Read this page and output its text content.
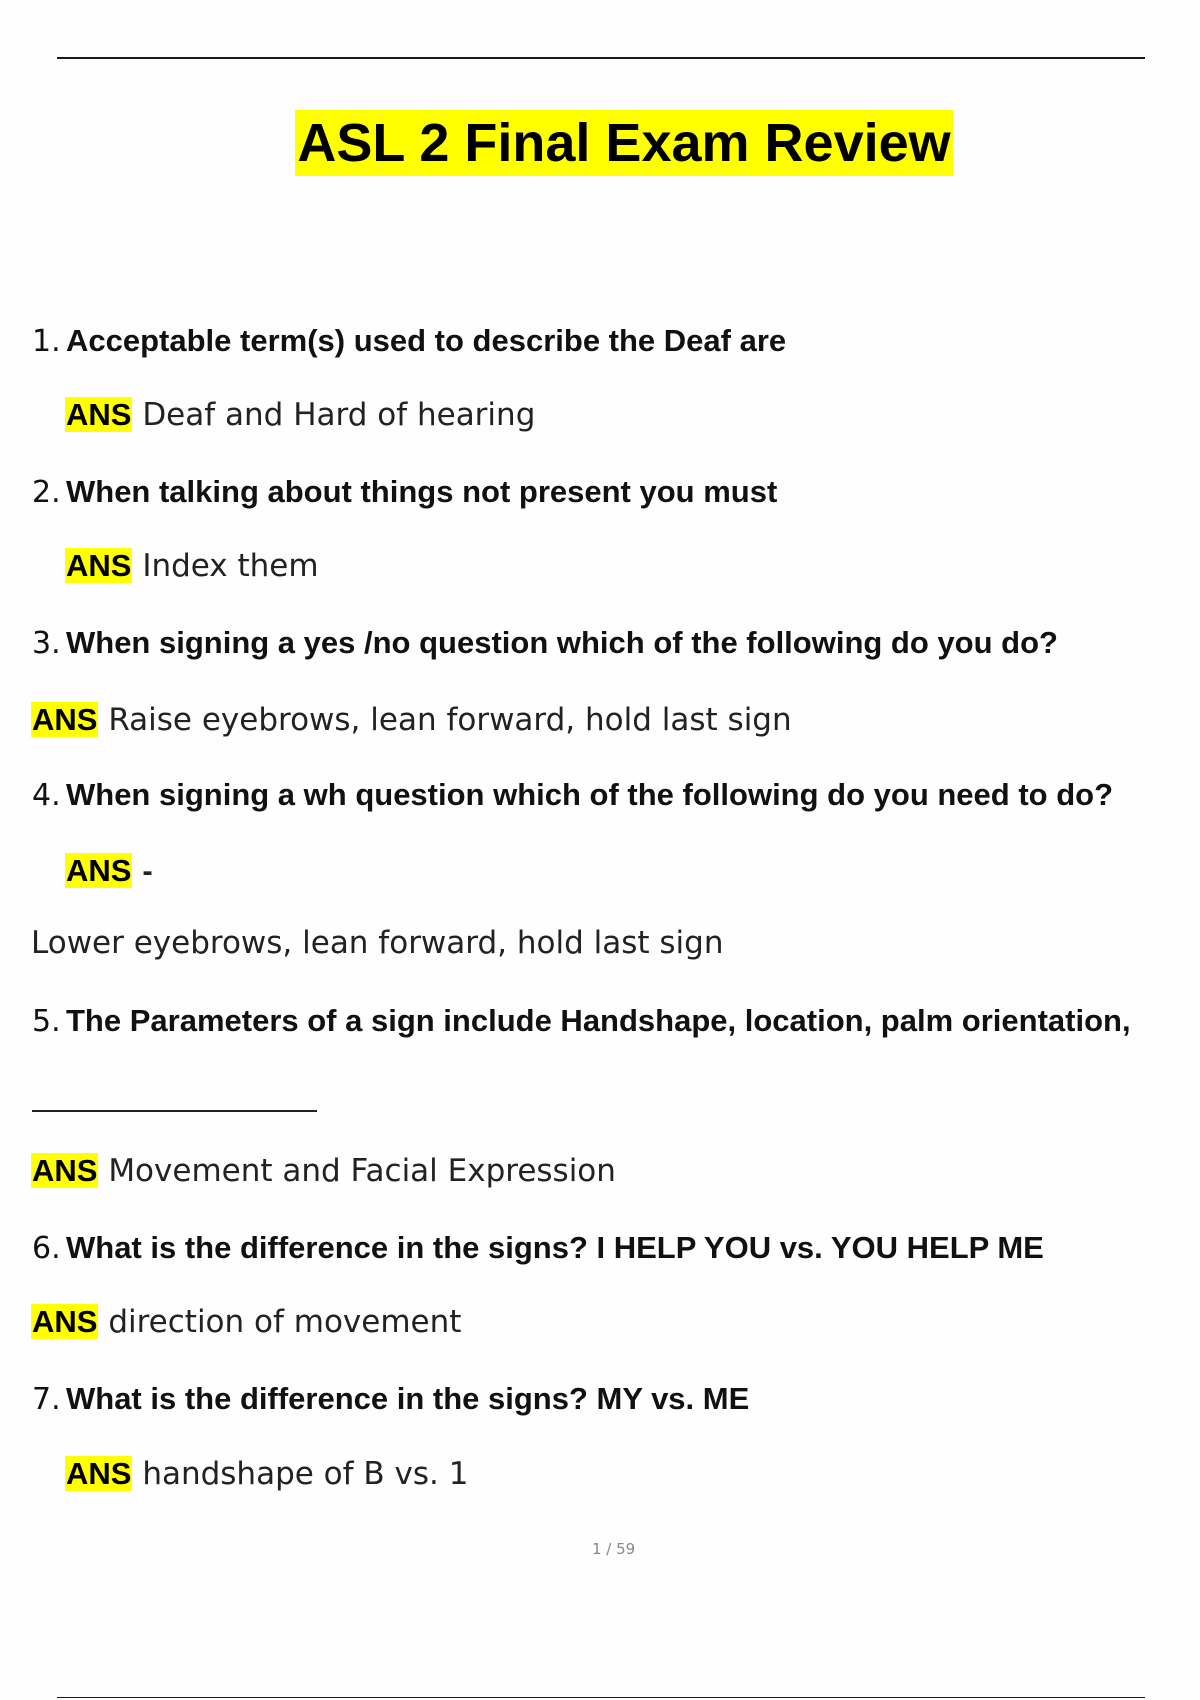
ASL 2 Final Exam Review
1. Acceptable term(s) used to describe the Deaf are
ANS Deaf and Hard of hearing
2. When talking about things not present you must
ANS Index them
3. When signing a yes /no question which of the following do you do?
ANS Raise eyebrows, lean forward, hold last sign
4. When signing a wh question which of the following do you need to do?
ANS -
Lower eyebrows, lean forward, hold last sign
5. The Parameters of a sign include Handshape, location, palm orientation,
ANS Movement and Facial Expression
6. What is the difference in the signs? I HELP YOU vs. YOU HELP ME
ANS direction of movement
7. What is the difference in the signs? MY vs. ME
ANS handshape of B vs. 1
1 / 59
